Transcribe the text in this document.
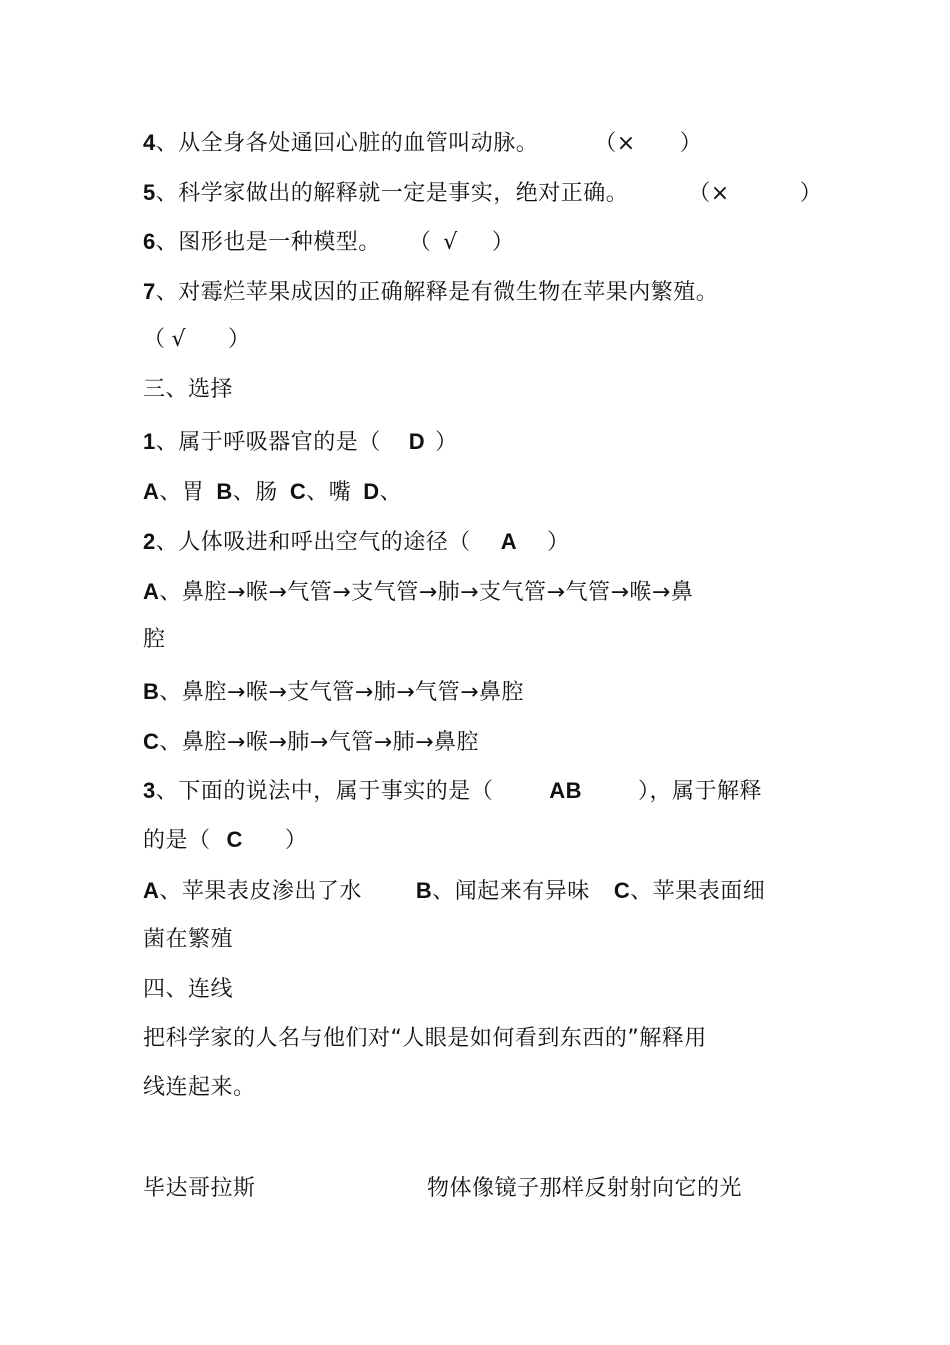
4、从全身各处通回心脏的血管叫动脉。	（× ）
5、科学家做出的解释就一定是事实，绝对正确。	（×	）
6、图形也是一种模型。 （ √ ）
7、对霉烂苹果成因的正确解释是有微生物在苹果内繁殖。
（ √ ）
三、选择
1、属于呼吸器官的是（ D ）
A、胃 B、肠 C、嘴 D、
2、人体吸进和呼出空气的途径（ A ）
A、鼻腔→喉→气管→支气管→肺→支气管→气管→喉→鼻
腔
B、鼻腔→喉→支气管→肺→气管→鼻腔
C、鼻腔→喉→肺→气管→肺→鼻腔
3、下面的说法中，属于事实的是（	AB	），属于解释
的是（ C ）
A、苹果表皮渗出了水 B、闻起来有异味 C、苹果表面细
菌在繁殖
四、连线
把科学家的人名与他们对“人眼是如何看到东西的”解释用
线连起来。
毕达哥拉斯	物体像镜子那样反射射向它的光
